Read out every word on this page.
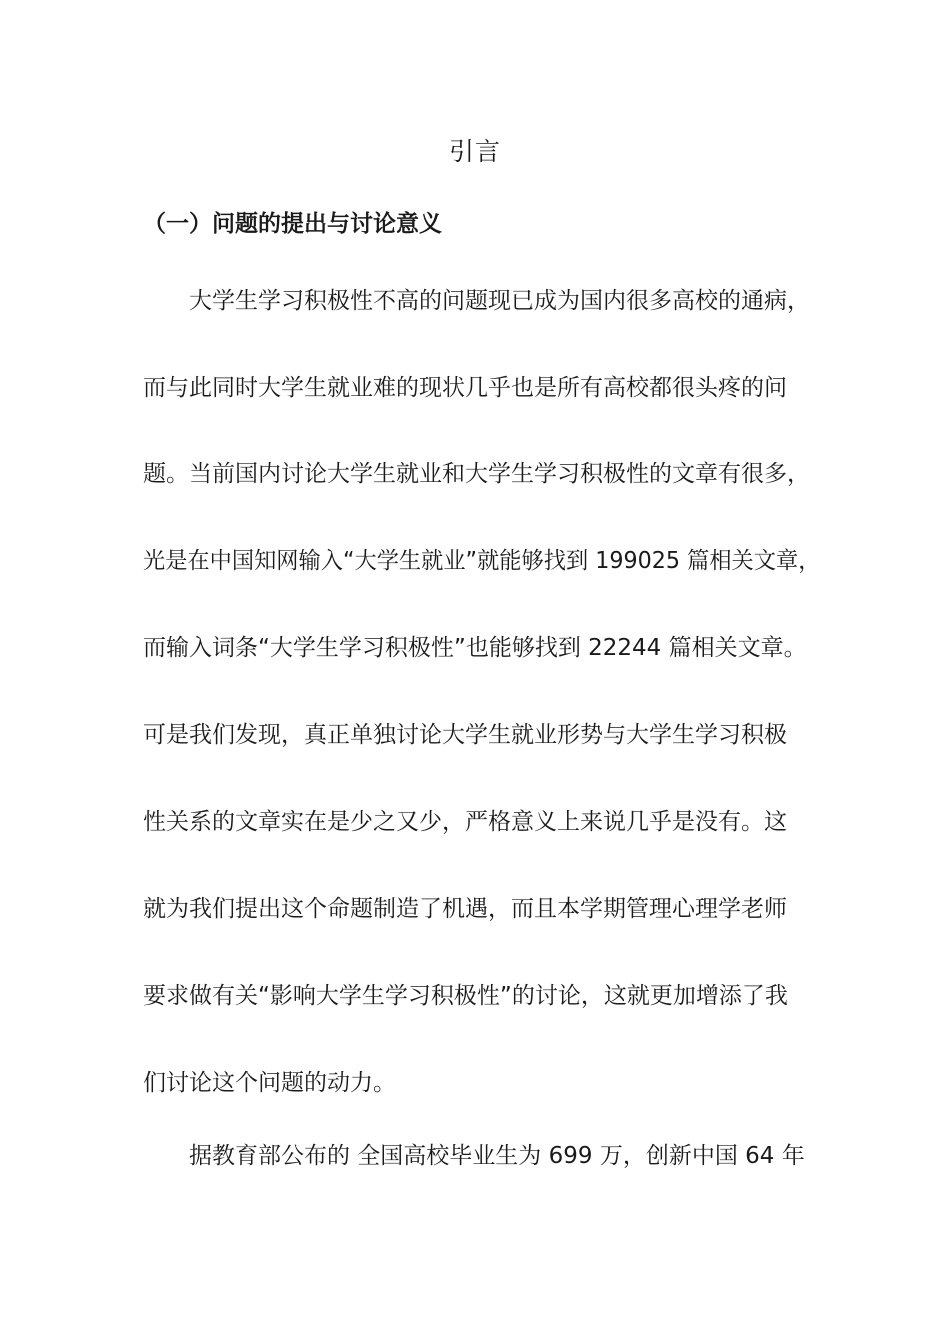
引言
（一）问题的提出与讨论意义
大学生学习积极性不高的问题现已成为国内很多高校的通病，
而与此同时大学生就业难的现状几乎也是所有高校都很头疼的问
题。当前国内讨论大学生就业和大学生学习积极性的文章有很多，
光是在中国知网输入“大学生就业”就能够找到 199025 篇相关文章，
而输入词条“大学生学习积极性”也能够找到 22244 篇相关文章。
可是我们发现，真正单独讨论大学生就业形势与大学生学习积极
性关系的文章实在是少之又少，严格意义上来说几乎是没有。这
就为我们提出这个命题制造了机遇，而且本学期管理心理学老师
要求做有关“影响大学生学习积极性”的讨论，这就更加增添了我
们讨论这个问题的动力。
据教育部公布的 全国高校毕业生为 699 万，创新中国 64 年
